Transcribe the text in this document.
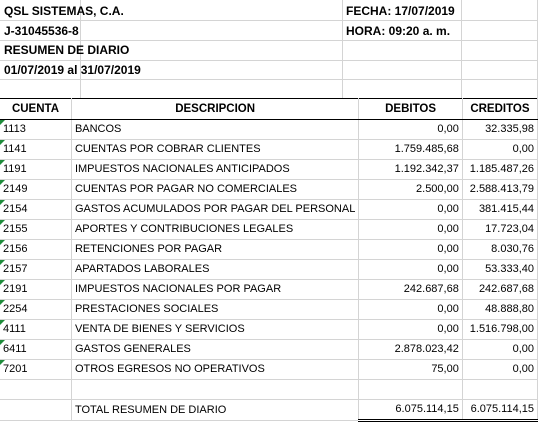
QSL SISTEMAS, C.A.
J-31045536-8
RESUMEN DE DIARIO
01/07/2019 al 31/07/2019
FECHA: 17/07/2019
HORA: 09:20 a. m.
CUENTA	DESCRIPCION	DEBITOS	CREDITOS

1113	BANCOS	0,00	32.335,98

1141	CUENTAS POR COBRAR CLIENTES	1.759.485,68	0,00

1191	IMPUESTOS NACIONALES ANTICIPADOS	1.192.342,37	1.185.487,26

2149	CUENTAS POR PAGAR NO COMERCIALES	2.500,00	2.588.413,79

2154	GASTOS ACUMULADOS POR PAGAR DEL PERSONAL	0,00	381.415,44

2155	APORTES Y CONTRIBUCIONES LEGALES	0,00	17.723,04

2156	RETENCIONES POR PAGAR	0,00	8.030,76

2157	APARTADOS LABORALES	0,00	53.333,40

2191	IMPUESTOS NACIONALES POR PAGAR	242.687,68	242.687,68

2254	PRESTACIONES SOCIALES	0,00	48.888,80

4111	VENTA DE BIENES Y SERVICIOS	0,00	1.516.798,00

6411	GASTOS GENERALES	2.878.023,42	0,00

7201	OTROS EGRESOS NO OPERATIVOS	75,00	0,00

	TOTAL RESUMEN DE DIARIO	6.075.114,15	6.075.114,15
